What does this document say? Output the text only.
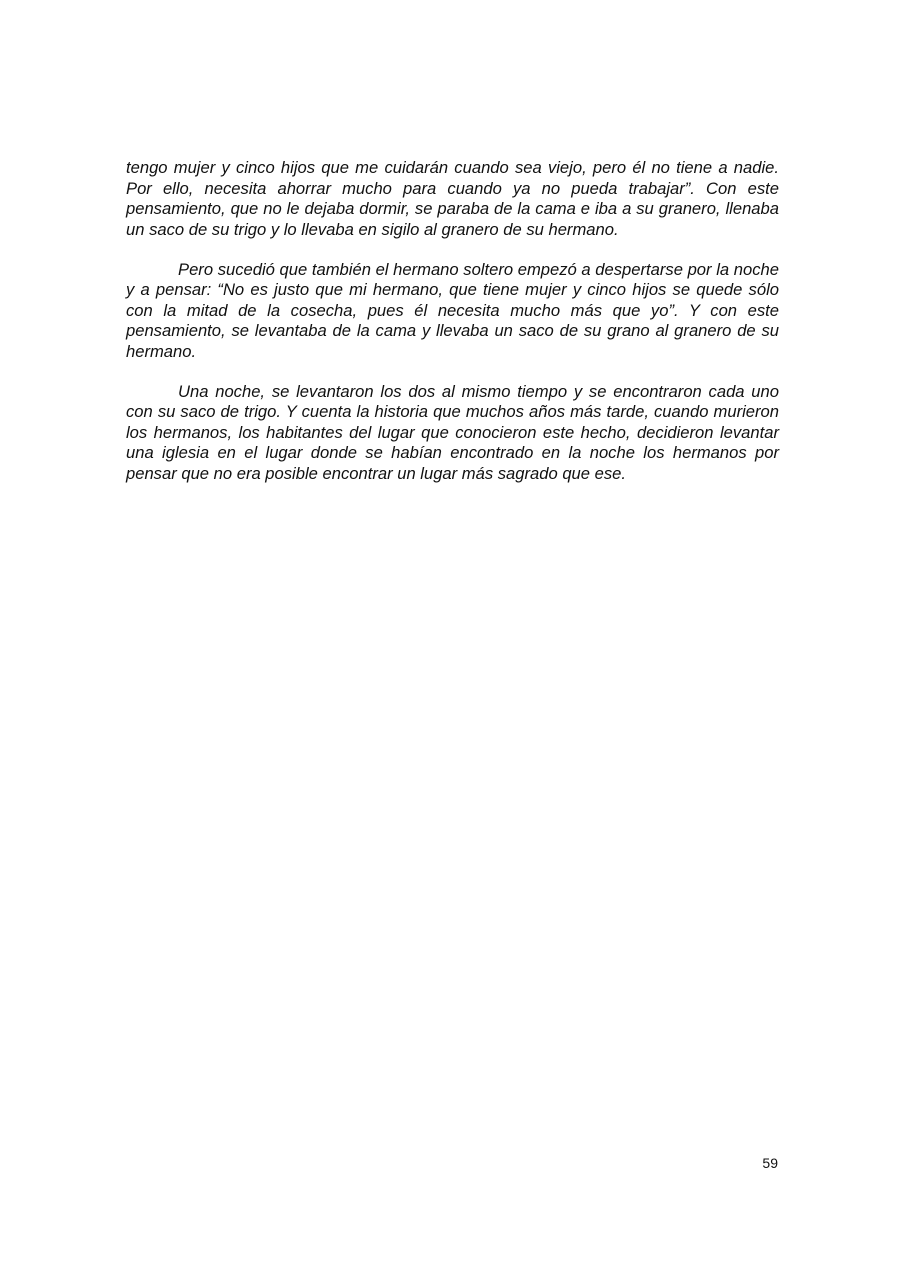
tengo mujer y cinco hijos que me cuidarán cuando sea viejo, pero él no tiene a nadie. Por ello, necesita ahorrar mucho para cuando ya no pueda trabajar”. Con este pensamiento, que no le dejaba dormir, se paraba de la cama e iba a su granero, llenaba un saco de su trigo y lo llevaba en sigilo al granero de su hermano.

Pero sucedió que también el hermano soltero empezó a despertarse por la noche y a pensar: “No es justo que mi hermano, que tiene mujer y cinco hijos se quede sólo con la mitad de la cosecha, pues él necesita mucho más que yo”. Y con este pensamiento, se levantaba de la cama y llevaba un saco de su grano al granero de su hermano.

Una noche, se levantaron los dos al mismo tiempo y se encontraron cada uno con su saco de trigo. Y cuenta la historia que muchos años más tarde, cuando murieron los hermanos, los habitantes del lugar que conocieron este hecho, decidieron levantar una iglesia en el lugar donde se habían encontrado en la noche los hermanos por pensar que no era posible encontrar un lugar más sagrado que ese.

59
